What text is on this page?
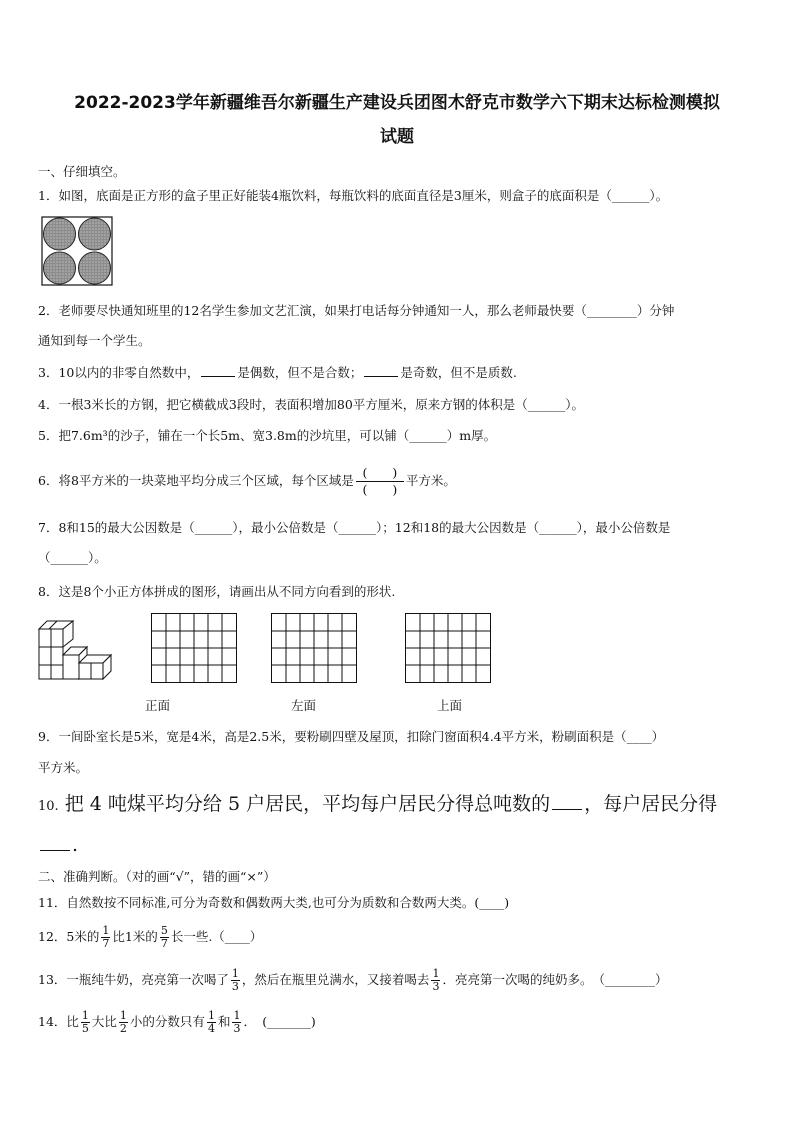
2022-2023学年新疆维吾尔新疆生产建设兵团图木舒克市数学六下期末达标检测模拟
试题
一、仔细填空。
1．如图，底面是正方形的盒子里正好能装4瓶饮料，每瓶饮料的底面直径是3厘米，则盒子的底面积是（______）。
2．老师要尽快通知班里的12名学生参加文艺汇演，如果打电话每分钟通知一人，那么老师最快要（________）分钟
通知到每一个学生。
3．10以内的非零自然数中，	是偶数，但不是合数；	是奇数，但不是质数.
4．一根3米长的方钢，把它横截成3段时，表面积增加80平方厘米，原来方钢的体积是（______）。
5．把7.6m³的沙子，铺在一个长5m、宽3.8m的沙坑里，可以铺（______）m厚。
6．将8平方米的一块菜地平均分成三个区域，每个区域是 $\frac{( )}{( )}$ 平方米。
7．8和15的最大公因数是（______），最小公倍数是（______）；12和18的最大公因数是（______），最小公倍数是
（______）。
8．这是8个小正方体拼成的图形，请画出从不同方向看到的形状.
正面	左面	上面
9．一间卧室长是5米，宽是4米，高是2.5米，要粉刷四壁及屋顶，扣除门窗面积4.4平方米，粉刷面积是（____）
平方米。
10. 把 4 吨煤平均分给 5 户居民，平均每户居民分得总吨数的 ，每户居民分得
.
二、准确判断。（对的画“√”，错的画“×”）
11．自然数按不同标准,可分为奇数和偶数两大类,也可分为质数和合数两大类。(____)
12．5米的 $\frac{1}{7}$ 比1米的 $\frac{5}{7}$ 长一些.（____）
13．一瓶纯牛奶，亮亮第一次喝了 $\frac{1}{3}$ ，然后在瓶里兑满水，又接着喝去 $\frac{1}{3}$ ．亮亮第一次喝的纯奶多。　（________）
14．比 $\frac{1}{5}$ 大比 $\frac{1}{2}$ 小的分数只有 $\frac{1}{4}$ 和 $\frac{1}{3}$ ．　(_______)
